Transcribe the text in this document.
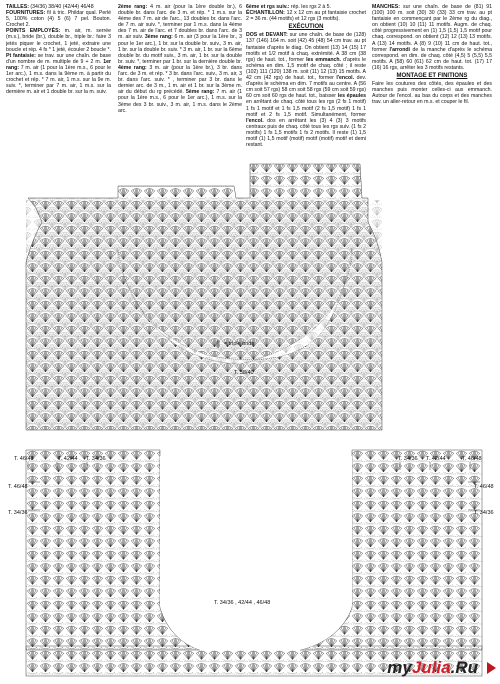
TAILLES: (34/36) 38/40 (42/44) 46/48
FOURNITURES: fil à tric. Phildar qual. Perlé 5, 100% coton (4) 5 (6) 7 pel. Bouton. Crochet 2.
POINTS EMPLOYÉS: m. air, m. serrée (m.s.), bride (br.), double br., triple br.: faire 3 jetés piquer le crochet, 1 jeté, extraire une boucle et rép. 4 fs * 1 jeté, écouler 2 boucle *. Pt fantaisie: se trav. sur une chaîn. de base d'un nombre de m. multiple de 9 + 2 m. 1er rang: 7 m. air (1 pour la 1ère m.s., 6 pour le 1er arc.), 1 m.s. dans la 9ème m. à partir du crochet et rép. * 7 m. air, 1 m.s. sur la 9e m. suiv. *, terminer par 7 m. air, 1 m.s. sur la dernière m. air et 1 double br. sur la m. suiv.
2ème rang: 4 m. air (pour la 1ère double br.), 6 double br. dans l'arc. de 3 m. et rép. * 1 m.s. sur la 4ème des 7 m. air de l'arc., 13 doubles br. dans l'arc. de 7 m. air suiv. *, terminer par 1 m.s. dans la 4ème des 7 m. air de l'arc. et 7 doubles br. dans l'arc. de 3 m. air suiv. 3ème rang: 6 m. air (3 pour la 1ère br., 3 pour le 1er arc.), 1 br. sur la double br. suiv., 3 m. air, 1 br. sur la double br. suiv. * 3 m. air, 1 br. sur la 6ème double br. du motif suiv., 3 m. air, 1 br. sur la double br. suiv. *, terminer par 1 br. sur la dernière double br. 4ème rang: 3 m. air (pour la 1ère br.), 3 br. dans l'arc. de 3 m. et rép. * 3 br. dans l'arc. suiv., 3 m. air, 3 br. dans l'arc. suiv. * , terminer par 3 br. dans le dernier arc. de 3 m., 1 m. air et 1 br. sur la 3ème m. air du début du rg précédé. 5ème rang: 7 m. air (1 pour la 1ère m.s., 6 pour le 1er arc.), 1 m.s. sur la 3ème des 3 br. suiv., 3 m. air, 1 m.s. dans le 2ème arc.
6ème et rgs suiv.: rép. les rgs 2 à 5.
ÉCHANTILLON: 12 x 12 cm au pt fantaisie crochet 2 = 36 m. (44 motifs) et 12 rgs (3 motifs).
EXÉCUTION
DOS et DEVANT: sur une chaîn. de base de (128) 137 (146) 164 m. soit (42) 45 (48) 54 cm trav. au pt fantaisie d'après le diag. On obtient (13) 14 (15) 17 motifs et 1/2 motif à chaq. extrémité. A 38 cm (38 rgs) de haut. tot., former les emmanch. d'après le schéma en dim. 1,5 motif de chaq. côté ; il reste (102) 111 (120) 138 m. soit (11) 12 (13) 15 motifs. A 42 cm (42 rgs) de haut. tot., former l'encol. dev. d'après le schéma en dim. 7 motifs au centre. A (56 cm soit 57 rgs) 58 cm soit 58 rgs (59 cm soit 59 rgs) 60 cm soit 60 rgs de haut. tot., baisser les épaules en arrêtant de chaq. côté tous les rgs (2 fs 1 motif) 1 fs 1 motif et 1 fs 1,5 motif (2 fs 1,5 motif) 1 fs 1 motif et 2 fs 1,5 motif. Simultanément, former l'encol. dos en arrêtant les (3) 4 (3) 3 motifs centraux puis de chaq. côté tous les rgs suiv. (1 fs 2 motifs) 1 fs 1,5 motifs 1 fs 2 motifs. Il reste (1) 1,5 motif (1) 1,5 motif (motif) motif (motif) motif et demi restant.
MANCHES: sur une chaîn. de base de (81) 91 (100) 100 m. soit (30) 30 (33) 33 cm trav. au pt fantaisie en commençant par le 2ème rg du diag., on obtient (10) 10 (11) 11 motifs. Augm. de chaq. côté progressivement en (1) 1,5 (1,5) 1,5 motif pour chaq. correspond. on obtient (12) 12 (13) 13 motifs. A (13) 14 motifs. A (8) 9 (10) 11 cm de haut. tot., former l'arrondi de la manche d'après le schéma correspond. en dim. de chaq. côté (4,5) 5 (5,5) 5,5 motifs. A (58) 60 (61) 62 cm de haut. tot. (17) 17 (16) 16 rgs, arrêter les 3 motifs restants.
MONTAGE ET FINITIONS
Faire les coutures des côtés, des épaules et des manches puis monter celles-ci aux emmanch. Autour de l'encol. au bas du corps et des manches trav. un aller-retour en m.s. et couper le fil.
= triple bride
T. 38/40
T. 46/48	T. 42/44 T. 34/36
T. 46/48
T. 34/36
T. 34/36 T. 42/44	T. 46/48
T. 46/48
T. 34/36
T. 34/36 , 42/44 , 46/48
myJulia.Ru
